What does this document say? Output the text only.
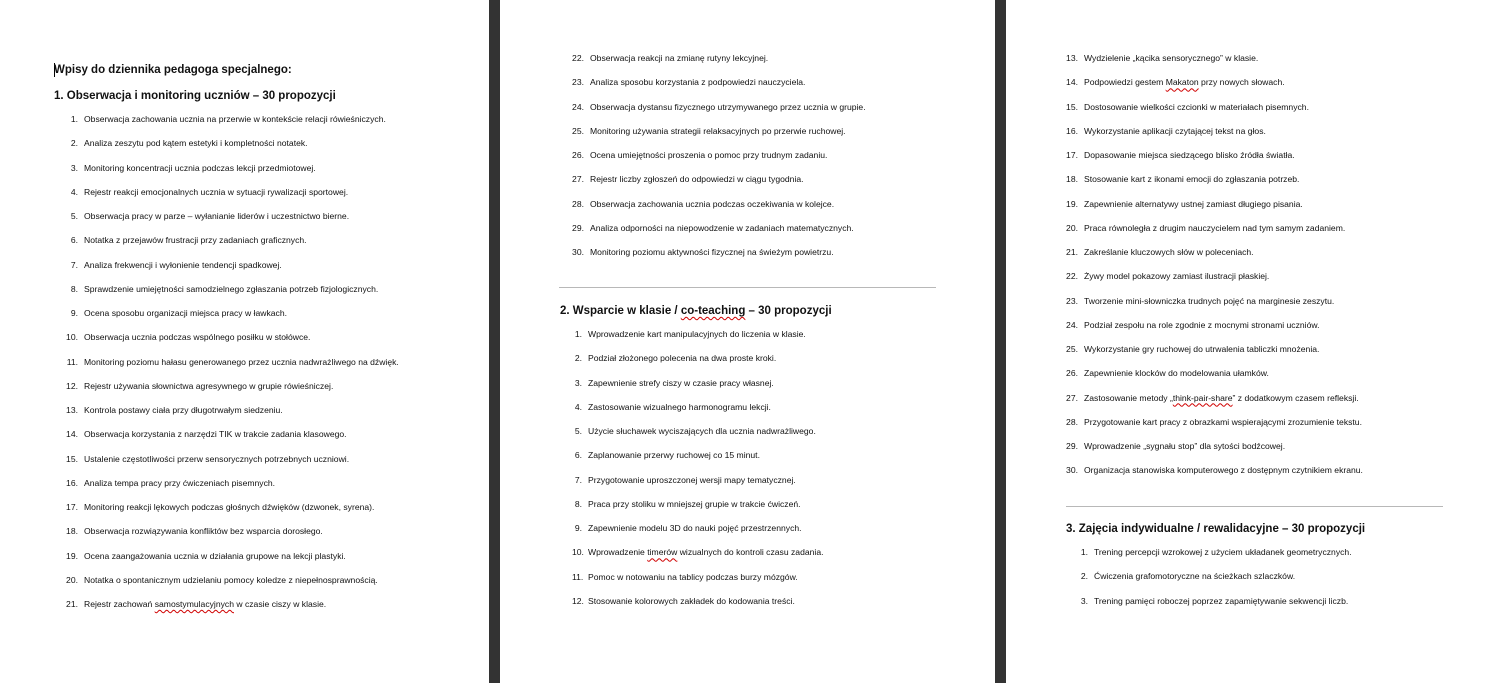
Wpisy do dziennika pedagoga specjalnego:
1. Obserwacja i monitoring uczniów – 30 propozycji
1. Obserwacja zachowania ucznia na przerwie w kontekście relacji rówieśniczych.
2. Analiza zeszytu pod kątem estetyki i kompletności notatek.
3. Monitoring koncentracji ucznia podczas lekcji przedmiotowej.
4. Rejestr reakcji emocjonalnych ucznia w sytuacji rywalizacji sportowej.
5. Obserwacja pracy w parze – wyłanianie liderów i uczestnictwo bierne.
6. Notatka z przejawów frustracji przy zadaniach graficznych.
7. Analiza frekwencji i wyłonienie tendencji spadkowej.
8. Sprawdzenie umiejętności samodzielnego zgłaszania potrzeb fizjologicznych.
9. Ocena sposobu organizacji miejsca pracy w ławkach.
10. Obserwacja ucznia podczas wspólnego posiłku w stołówce.
11. Monitoring poziomu hałasu generowanego przez ucznia nadwrażliwego na dźwięk.
12. Rejestr używania słownictwa agresywnego w grupie rówieśniczej.
13. Kontrola postawy ciała przy długotrwałym siedzeniu.
14. Obserwacja korzystania z narzędzi TIK w trakcie zadania klasowego.
15. Ustalenie częstotliwości przerw sensorycznych potrzebnych uczniowi.
16. Analiza tempa pracy przy ćwiczeniach pisemnych.
17. Monitoring reakcji lękowych podczas głośnych dźwięków (dzwonek, syrena).
18. Obserwacja rozwiązywania konfliktów bez wsparcia dorosłego.
19. Ocena zaangażowania ucznia w działania grupowe na lekcji plastyki.
20. Notatka o spontanicznym udzielaniu pomocy koledze z niepełnosprawnością.
21. Rejestr zachowań samostymulacyjnych w czasie ciszy w klasie.
22. Obserwacja reakcji na zmianę rutyny lekcyjnej.
23. Analiza sposobu korzystania z podpowiedzi nauczyciela.
24. Obserwacja dystansu fizycznego utrzymywanego przez ucznia w grupie.
25. Monitoring używania strategii relaksacyjnych po przerwie ruchowej.
26. Ocena umiejętności proszenia o pomoc przy trudnym zadaniu.
27. Rejestr liczby zgłoszeń do odpowiedzi w ciągu tygodnia.
28. Obserwacja zachowania ucznia podczas oczekiwania w kolejce.
29. Analiza odporności na niepowodzenie w zadaniach matematycznych.
30. Monitoring poziomu aktywności fizycznej na świeżym powietrzu.
2. Wsparcie w klasie / co-teaching – 30 propozycji
1. Wprowadzenie kart manipulacyjnych do liczenia w klasie.
2. Podział złożonego polecenia na dwa proste kroki.
3. Zapewnienie strefy ciszy w czasie pracy własnej.
4. Zastosowanie wizualnego harmonogramu lekcji.
5. Użycie słuchawek wyciszających dla ucznia nadwrażliwego.
6. Zaplanowanie przerwy ruchowej co 15 minut.
7. Przygotowanie uproszczonej wersji mapy tematycznej.
8. Praca przy stoliku w mniejszej grupie w trakcie ćwiczeń.
9. Zapewnienie modelu 3D do nauki pojęć przestrzennych.
10. Wprowadzenie timerów wizualnych do kontroli czasu zadania.
11. Pomoc w notowaniu na tablicy podczas burzy mózgów.
12. Stosowanie kolorowych zakładek do kodowania treści.
13. Wydzielenie „kącika sensorycznego” w klasie.
14. Podpowiedzi gestem Makaton przy nowych słowach.
15. Dostosowanie wielkości czcionki w materiałach pisemnych.
16. Wykorzystanie aplikacji czytającej tekst na głos.
17. Dopasowanie miejsca siedzącego blisko źródła światła.
18. Stosowanie kart z ikonami emocji do zgłaszania potrzeb.
19. Zapewnienie alternatywy ustnej zamiast długiego pisania.
20. Praca równoległa z drugim nauczycielem nad tym samym zadaniem.
21. Zakreślanie kluczowych słów w poleceniach.
22. Żywy model pokazowy zamiast ilustracji płaskiej.
23. Tworzenie mini-słowniczka trudnych pojęć na marginesie zeszytu.
24. Podział zespołu na role zgodnie z mocnymi stronami uczniów.
25. Wykorzystanie gry ruchowej do utrwalenia tabliczki mnożenia.
26. Zapewnienie klocków do modelowania ułamków.
27. Zastosowanie metody „think-pair-share” z dodatkowym czasem refleksji.
28. Przygotowanie kart pracy z obrazkami wspierającymi zrozumienie tekstu.
29. Wprowadzenie „sygnału stop” dla sytości bodźcowej.
30. Organizacja stanowiska komputerowego z dostępnym czytnikiem ekranu.
3. Zajęcia indywidualne / rewalidacyjne – 30 propozycji
1. Trening percepcji wzrokowej z użyciem układanek geometrycznych.
2. Ćwiczenia grafomotoryczne na ścieżkach szlaczków.
3. Trening pamięci roboczej poprzez zapamiętywanie sekwencji liczb.
